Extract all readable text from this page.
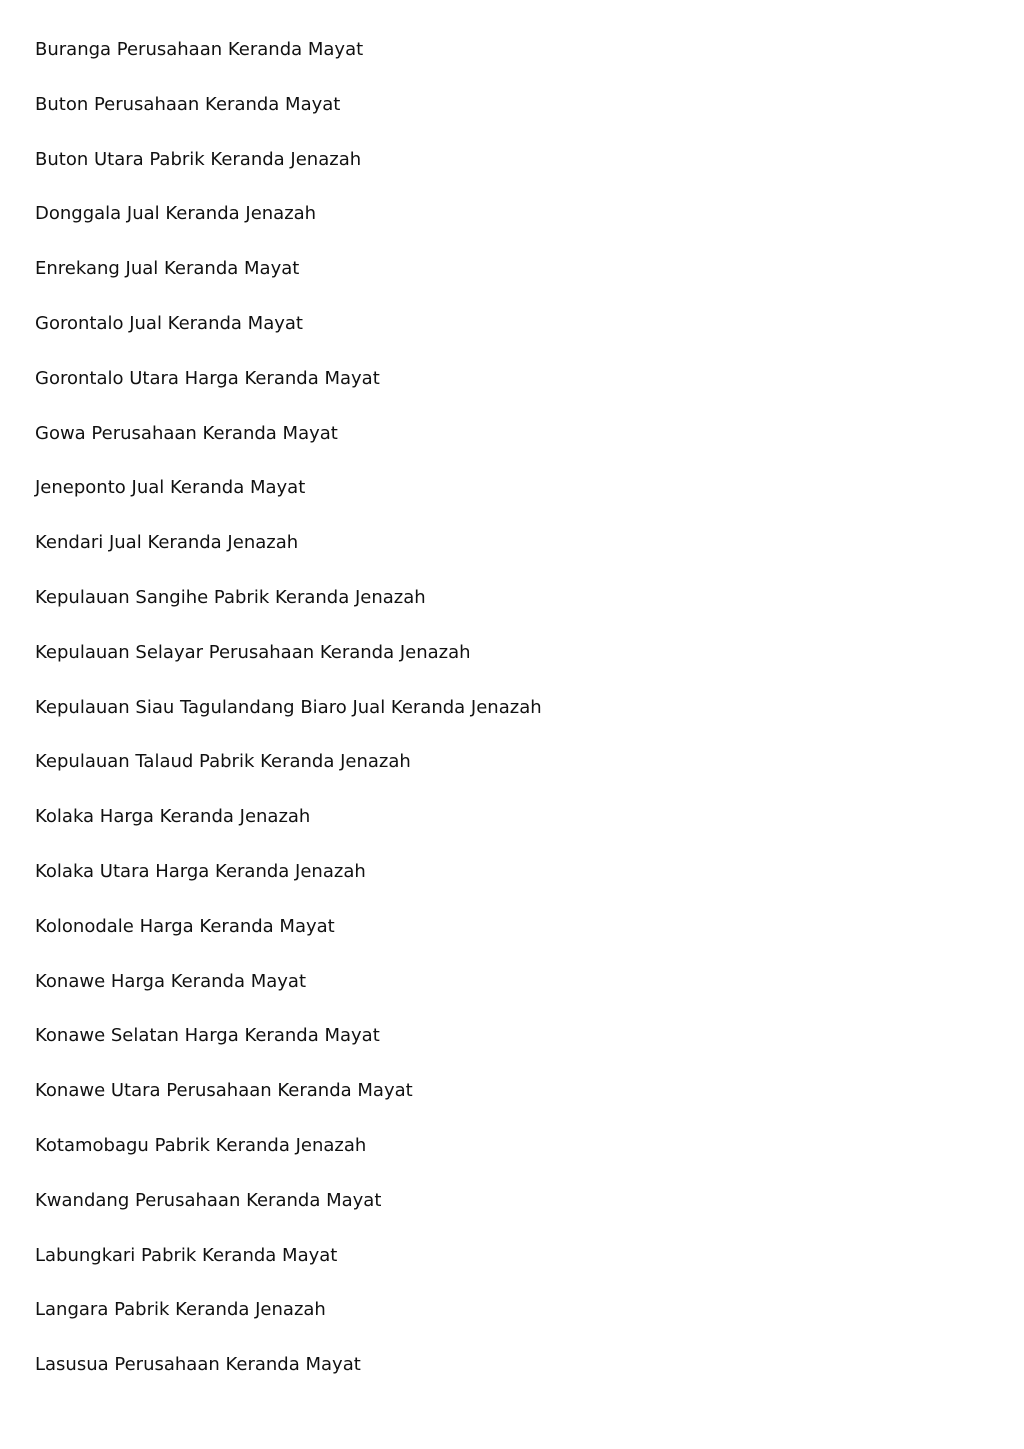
Buranga Perusahaan Keranda Mayat
Buton Perusahaan Keranda Mayat
Buton Utara Pabrik Keranda Jenazah
Donggala Jual Keranda Jenazah
Enrekang Jual Keranda Mayat
Gorontalo Jual Keranda Mayat
Gorontalo Utara Harga Keranda Mayat
Gowa Perusahaan Keranda Mayat
Jeneponto Jual Keranda Mayat
Kendari Jual Keranda Jenazah
Kepulauan Sangihe Pabrik Keranda Jenazah
Kepulauan Selayar Perusahaan Keranda Jenazah
Kepulauan Siau Tagulandang Biaro Jual Keranda Jenazah
Kepulauan Talaud Pabrik Keranda Jenazah
Kolaka Harga Keranda Jenazah
Kolaka Utara Harga Keranda Jenazah
Kolonodale Harga Keranda Mayat
Konawe Harga Keranda Mayat
Konawe Selatan Harga Keranda Mayat
Konawe Utara Perusahaan Keranda Mayat
Kotamobagu Pabrik Keranda Jenazah
Kwandang Perusahaan Keranda Mayat
Labungkari Pabrik Keranda Mayat
Langara Pabrik Keranda Jenazah
Lasusua Perusahaan Keranda Mayat
